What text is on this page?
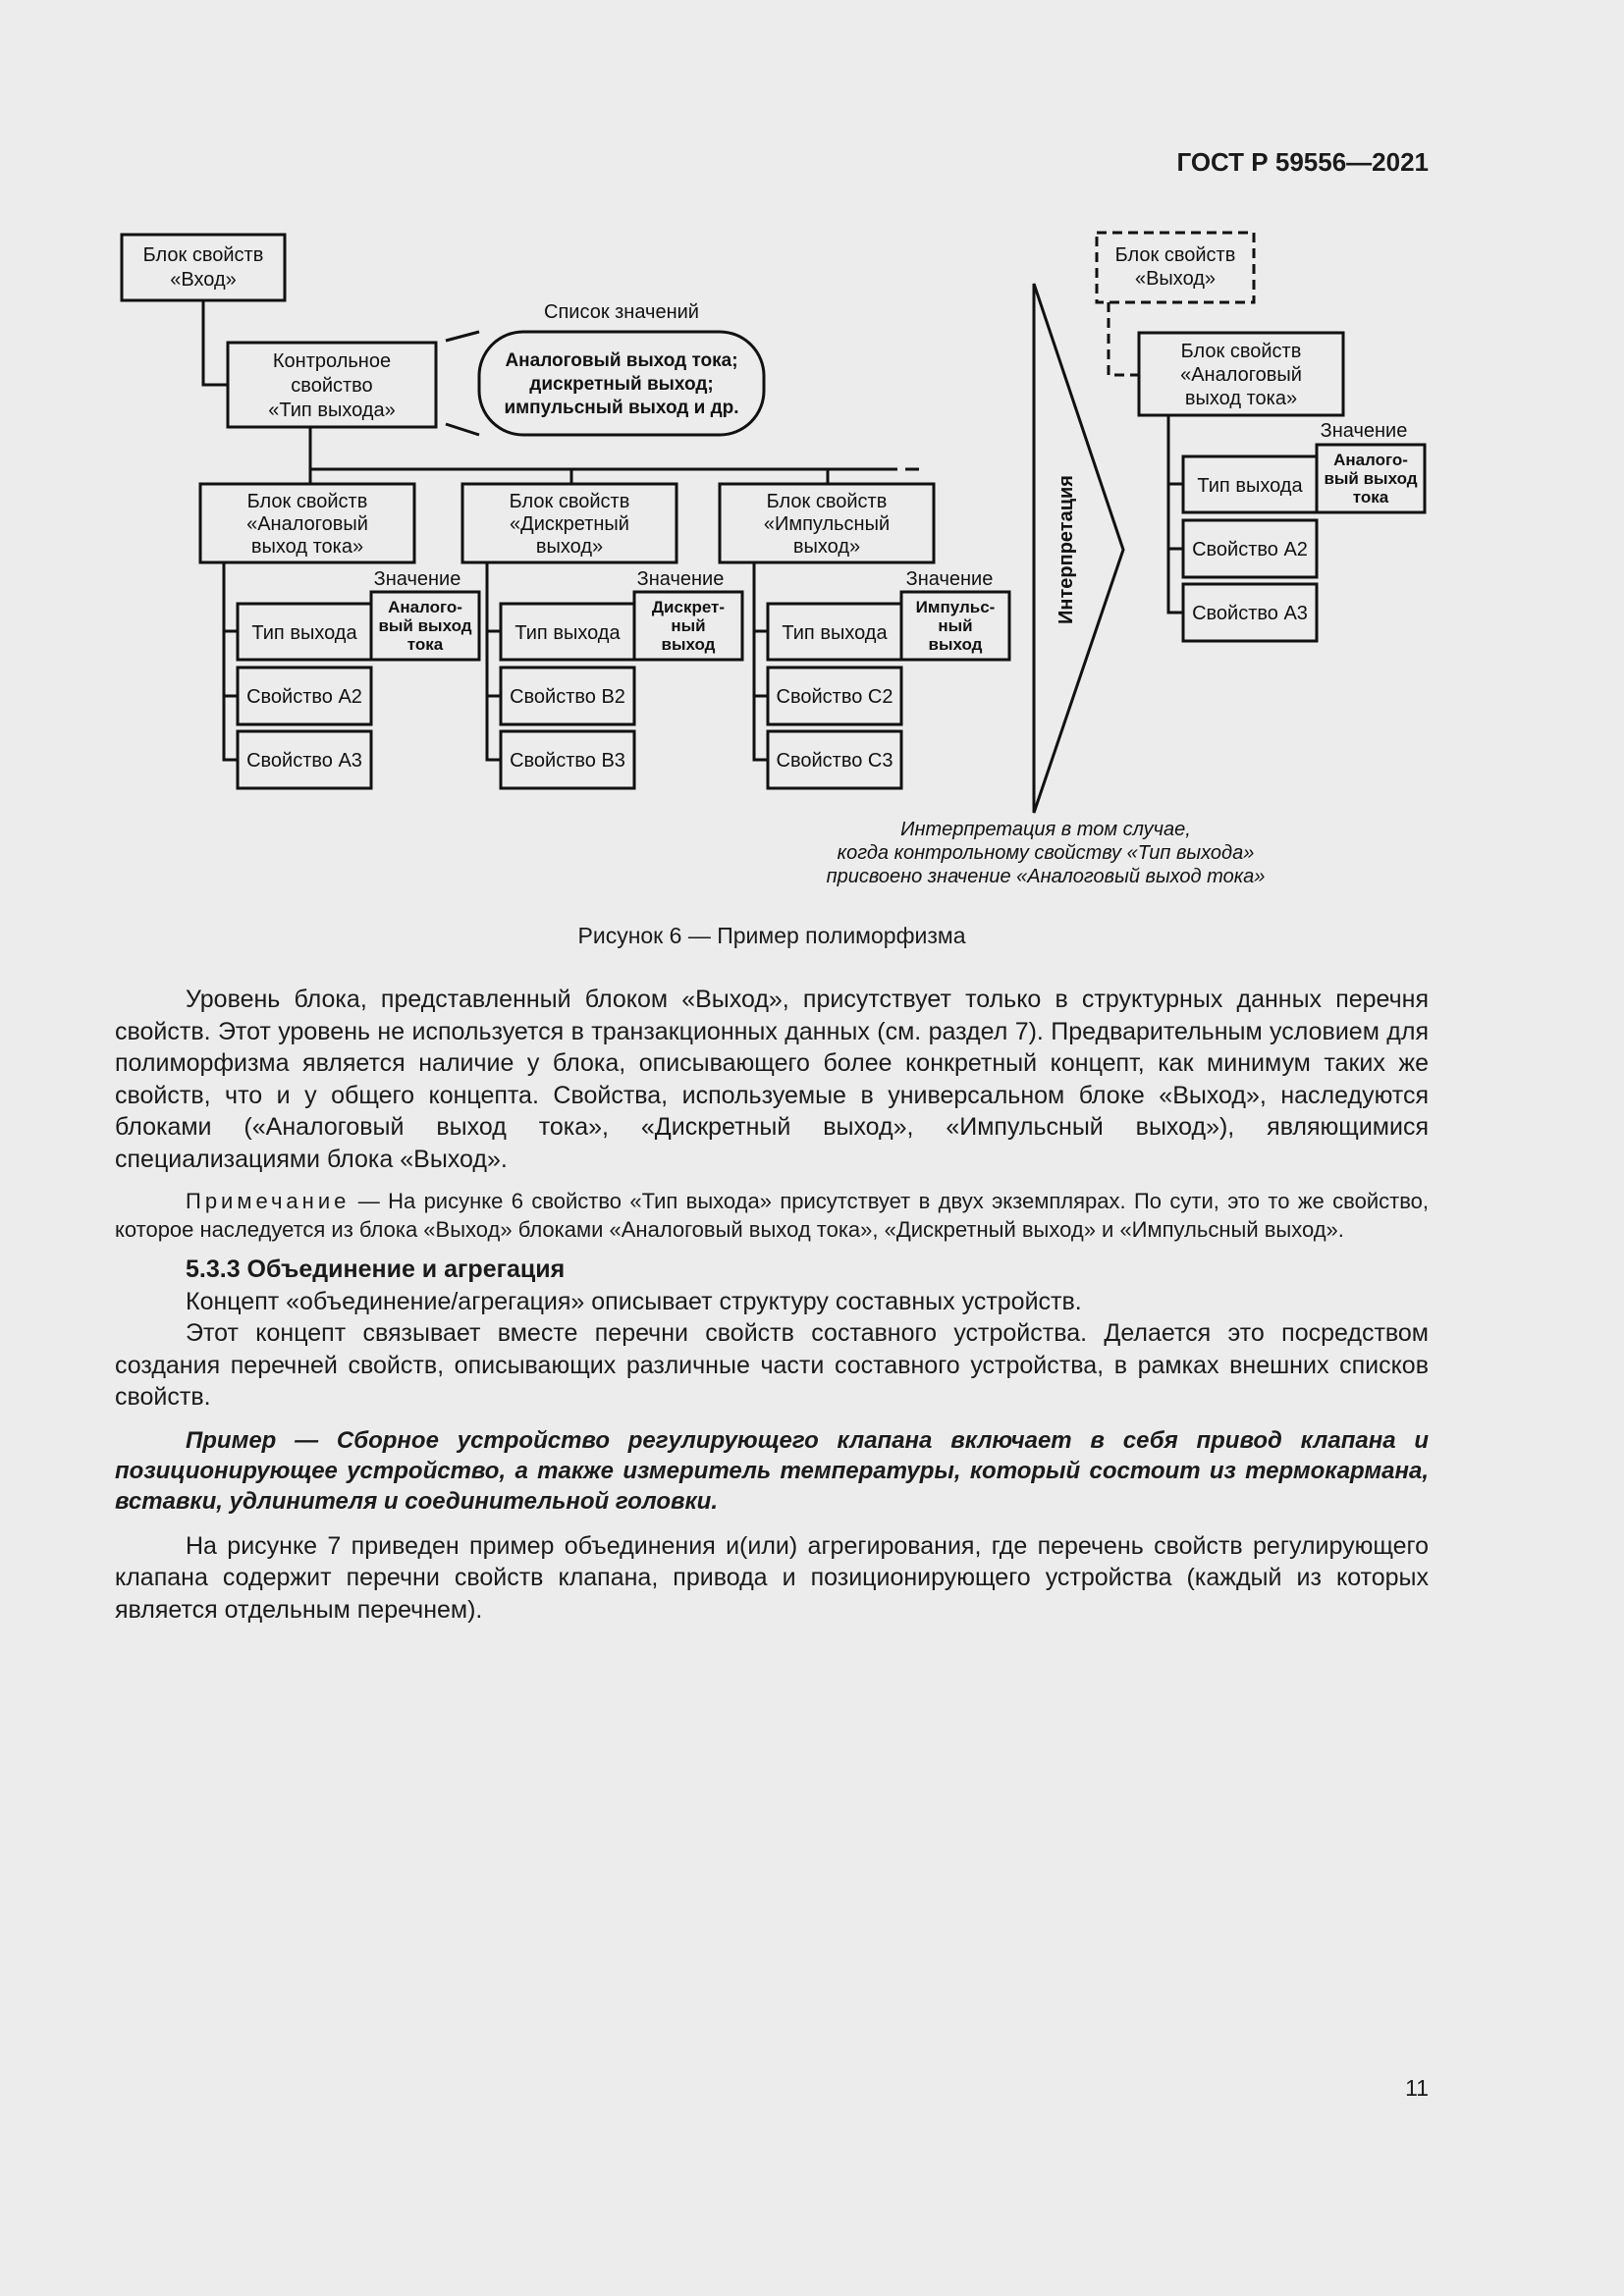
ГОСТ Р 59556—2021
Блок свойств
«Вход»
Контрольное
свойство
«Тип выхода»
Список значений
Аналоговый выход тока;
дискретный выход;
импульсный выход и др.
Блок свойств
«Аналоговый
выход тока»
Значение
Тип выхода
Аналого-
вый выход
тока
Свойство A2
Свойство A3
Блок свойств
«Дискретный
выход»
Значение
Тип выхода
Дискрет-
ный
выход
Свойство B2
Свойство B3
Блок свойств
«Импульсный
выход»
Значение
Тип выхода
Импульс-
ный
выход
Свойство C2
Свойство C3
Интерпретация
Интерпретация в том случае,
когда контрольному свойству «Тип выхода»
присвоено значение «Аналоговый выход тока»
Блок свойств
«Выход»
Блок свойств
«Аналоговый
выход тока»
Значение
Тип выхода
Аналого-
вый выход
тока
Свойство A2
Свойство A3
Рисунок 6 — Пример полиморфизма

Уровень блока, представленный блоком «Выход», присутствует только в структурных данных перечня свойств. Этот уровень не используется в транзакционных данных (см. раздел 7). Предварительным условием для полиморфизма является наличие у блока, описывающего более конкретный концепт, как минимум таких же свойств, что и у общего концепта. Свойства, используемые в универсальном блоке «Выход», наследуются блоками («Аналоговый выход тока», «Дискретный выход», «Импульсный выход»), являющимися специализациями блока «Выход».

Примечание — На рисунке 6 свойство «Тип выхода» присутствует в двух экземплярах. По сути, это то же свойство, которое наследуется из блока «Выход» блоками «Аналоговый выход тока», «Дискретный выход» и «Импульсный выход».

5.3.3 Объединение и агрегация

Концепт «объединение/агрегация» описывает структуру составных устройств.

Этот концепт связывает вместе перечни свойств составного устройства. Делается это посредством создания перечней свойств, описывающих различные части составного устройства, в рамках внешних списков свойств.

Пример — Сборное устройство регулирующего клапана включает в себя привод клапана и позиционирующее устройство, а также измеритель температуры, который состоит из термокармана, вставки, удлинителя и соединительной головки.

На рисунке 7 приведен пример объединения и(или) агрегирования, где перечень свойств регулирующего клапана содержит перечни свойств клапана, привода и позиционирующего устройства (каждый из которых является отдельным перечнем).

11
